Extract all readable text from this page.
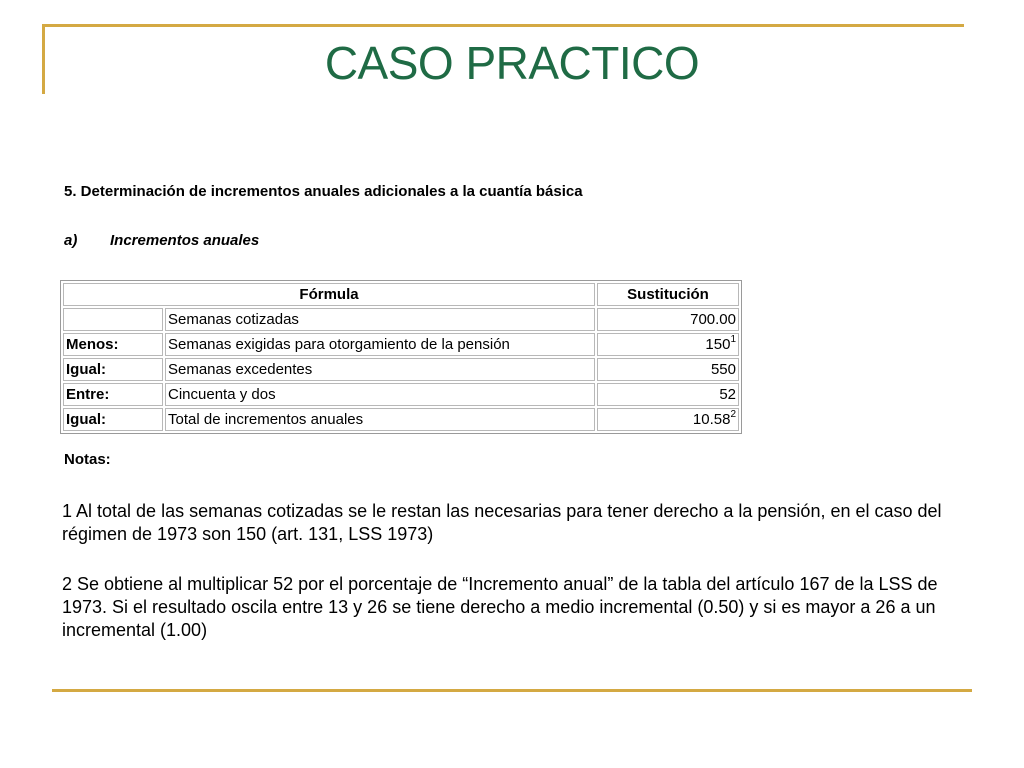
CASO PRACTICO
5. Determinación de incrementos anuales adicionales a la cuantía básica
a) Incrementos anuales
Fórmula		Sustitución
	Semanas cotizadas	700.00
Menos:	Semanas exigidas para otorgamiento de la pensión	$150^1$
Igual:	Semanas excedentes	550
Entre:	Cincuenta y dos	52
Igual:	Total de incrementos anuales	10.58$^2$
Notas:
1 Al total de las semanas cotizadas se le restan las necesarias para tener derecho a la pensión, en el caso del régimen de 1973 son 150 (art. 131, LSS 1973)
2 Se obtiene al multiplicar 52 por el porcentaje de “Incremento anual” de la tabla del artículo 167 de la LSS de 1973. Si el resultado oscila entre 13 y 26 se tiene derecho a medio incremental (0.50) y si es mayor a 26 a un incremental (1.00)
